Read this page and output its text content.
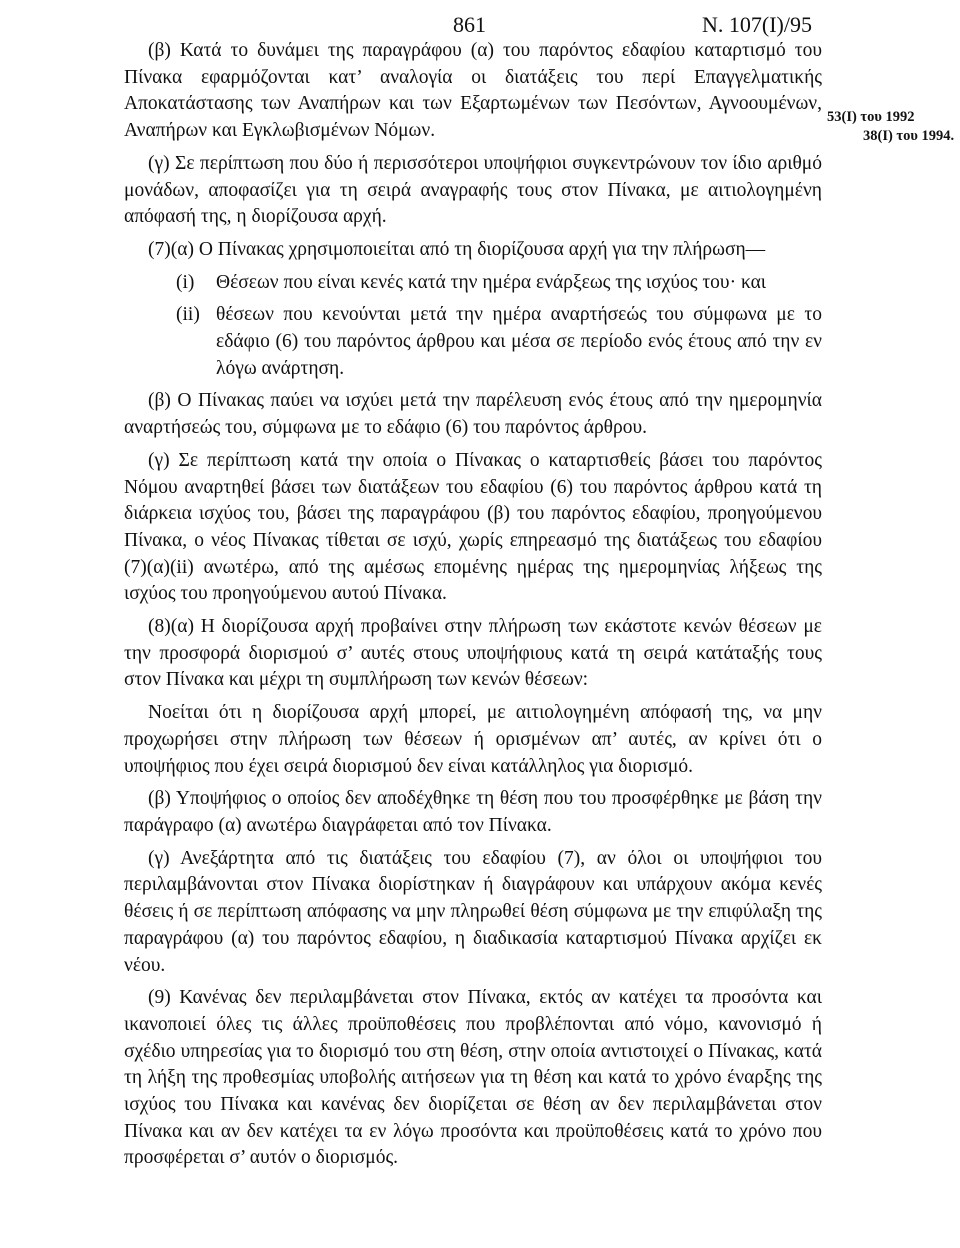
861	Ν. 107(Ι)/95
53(Ι) του 1992
38(Ι) του 1994.

(β) Κατά το δυνάμει της παραγράφου (α) του παρόντος εδαφίου καταρτισμό του Πίνακα εφαρμόζονται κατ’ αναλογία οι διατάξεις του περί Επαγγελματικής Αποκατάστασης των Αναπήρων και των Εξαρτωμένων των Πεσόντων, Αγνοουμένων, Αναπήρων και Εγκλωβισμένων Νόμων.

(γ) Σε περίπτωση που δύο ή περισσότεροι υποψήφιοι συγκεντρώνουν τον ίδιο αριθμό μονάδων, αποφασίζει για τη σειρά αναγραφής τους στον Πίνακα, με αιτιολογημένη απόφασή της, η διορίζουσα αρχή.

(7)(α) Ο Πίνακας χρησιμοποιείται από τη διορίζουσα αρχή για την πλήρωση—

(i) Θέσεων που είναι κενές κατά την ημέρα ενάρξεως της ισχύος του· και

(ii) θέσεων που κενούνται μετά την ημέρα αναρτήσεώς του σύμφωνα με το εδάφιο (6) του παρόντος άρθρου και μέσα σε περίοδο ενός έτους από την εν λόγω ανάρτηση.

(β) Ο Πίνακας παύει να ισχύει μετά την παρέλευση ενός έτους από την ημερομηνία αναρτήσεώς του, σύμφωνα με το εδάφιο (6) του παρόντος άρθρου.

(γ) Σε περίπτωση κατά την οποία ο Πίνακας ο καταρτισθείς βάσει του παρόντος Νόμου αναρτηθεί βάσει των διατάξεων του εδαφίου (6) του παρόντος άρθρου κατά τη διάρκεια ισχύος του, βάσει της παραγράφου (β) του παρόντος εδαφίου, προηγούμενου Πίνακα, ο νέος Πίνακας τίθεται σε ισχύ, χωρίς επηρεασμό της διατάξεως του εδαφίου (7)(α)(ii) ανωτέρω, από της αμέσως επομένης ημέρας της ημερομηνίας λήξεως της ισχύος του προηγούμενου αυτού Πίνακα.

(8)(α) Η διορίζουσα αρχή προβαίνει στην πλήρωση των εκάστοτε κενών θέσεων με την προσφορά διορισμού σ’ αυτές στους υποψήφιους κατά τη σειρά κατάταξής τους στον Πίνακα και μέχρι τη συμπλήρωση των κενών θέσεων:

Νοείται ότι η διορίζουσα αρχή μπορεί, με αιτιολογημένη απόφασή της, να μην προχωρήσει στην πλήρωση των θέσεων ή ορισμένων απ’ αυτές, αν κρίνει ότι ο υποψήφιος που έχει σειρά διορισμού δεν είναι κατάλληλος για διορισμό.

(β) Υποψήφιος ο οποίος δεν αποδέχθηκε τη θέση που του προσφέρθηκε με βάση την παράγραφο (α) ανωτέρω διαγράφεται από τον Πίνακα.

(γ) Ανεξάρτητα από τις διατάξεις του εδαφίου (7), αν όλοι οι υποψήφιοι του περιλαμβάνονται στον Πίνακα διορίστηκαν ή διαγράφουν και υπάρχουν ακόμα κενές θέσεις ή σε περίπτωση απόφασης να μην πληρωθεί θέση σύμφωνα με την επιφύλαξη της παραγράφου (α) του παρόντος εδαφίου, η διαδικασία καταρτισμού Πίνακα αρχίζει εκ νέου.

(9) Κανένας δεν περιλαμβάνεται στον Πίνακα, εκτός αν κατέχει τα προσόντα και ικανοποιεί όλες τις άλλες προϋποθέσεις που προβλέπονται από νόμο, κανονισμό ή σχέδιο υπηρεσίας για το διορισμό του στη θέση, στην οποία αντιστοιχεί ο Πίνακας, κατά τη λήξη της προθεσμίας υποβολής αιτήσεων για τη θέση και κατά το χρόνο έναρξης της ισχύος του Πίνακα και κανένας δεν διορίζεται σε θέση αν δεν περιλαμβάνεται στον Πίνακα και αν δεν κατέχει τα εν λόγω προσόντα και προϋποθέσεις κατά το χρόνο που προσφέρεται σ’ αυτόν ο διορισμός.
